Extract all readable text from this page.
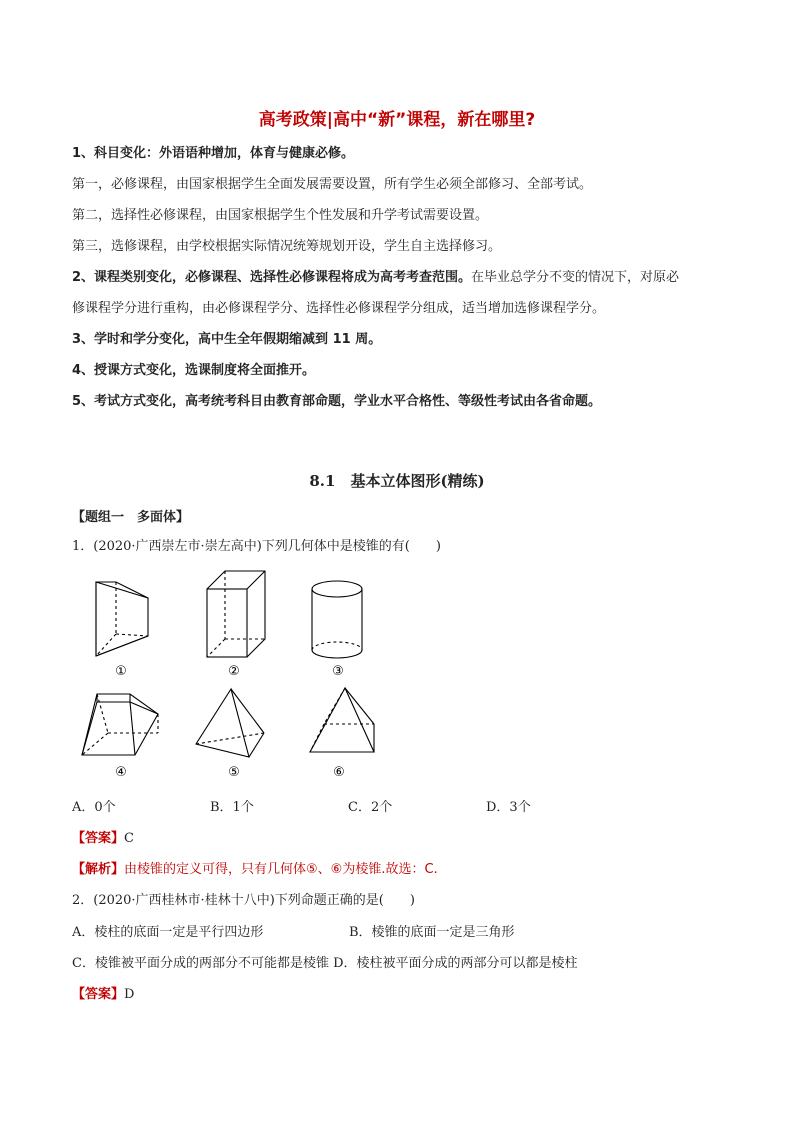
高考政策|高中“新”课程，新在哪里?
1、科目变化：外语语种增加，体育与健康必修。
第一，必修课程，由国家根据学生全面发展需要设置，所有学生必须全部修习、全部考试。
第二，选择性必修课程，由国家根据学生个性发展和升学考试需要设置。
第三，选修课程，由学校根据实际情况统筹规划开设，学生自主选择修习。
2、课程类别变化，必修课程、选择性必修课程将成为高考考查范围。在毕业总学分不变的情况下，对原必
修课程学分进行重构，由必修课程学分、选择性必修课程学分组成，适当增加选修课程学分。
3、学时和学分变化，高中生全年假期缩减到 11 周。
4、授课方式变化，选课制度将全面推开。
5、考试方式变化，高考统考科目由教育部命题，学业水平合格性、等级性考试由各省命题。
8.1　基本立体图形(精练)
【题组一　多面体】
1．(2020·广西崇左市·崇左高中)下列几何体中是棱锥的有(　　)
①	②	③
④	⑤	⑥
A．0个	B．1个	C．2个	D．3个
【答案】C
【解析】由棱锥的定义可得，只有几何体⑤、⑥为棱锥.故选：C.
2．(2020·广西桂林市·桂林十八中)下列命题正确的是(　　)
A．棱柱的底面一定是平行四边形	B．棱锥的底面一定是三角形
C．棱锥被平面分成的两部分不可能都是棱锥 D．棱柱被平面分成的两部分可以都是棱柱
【答案】D
